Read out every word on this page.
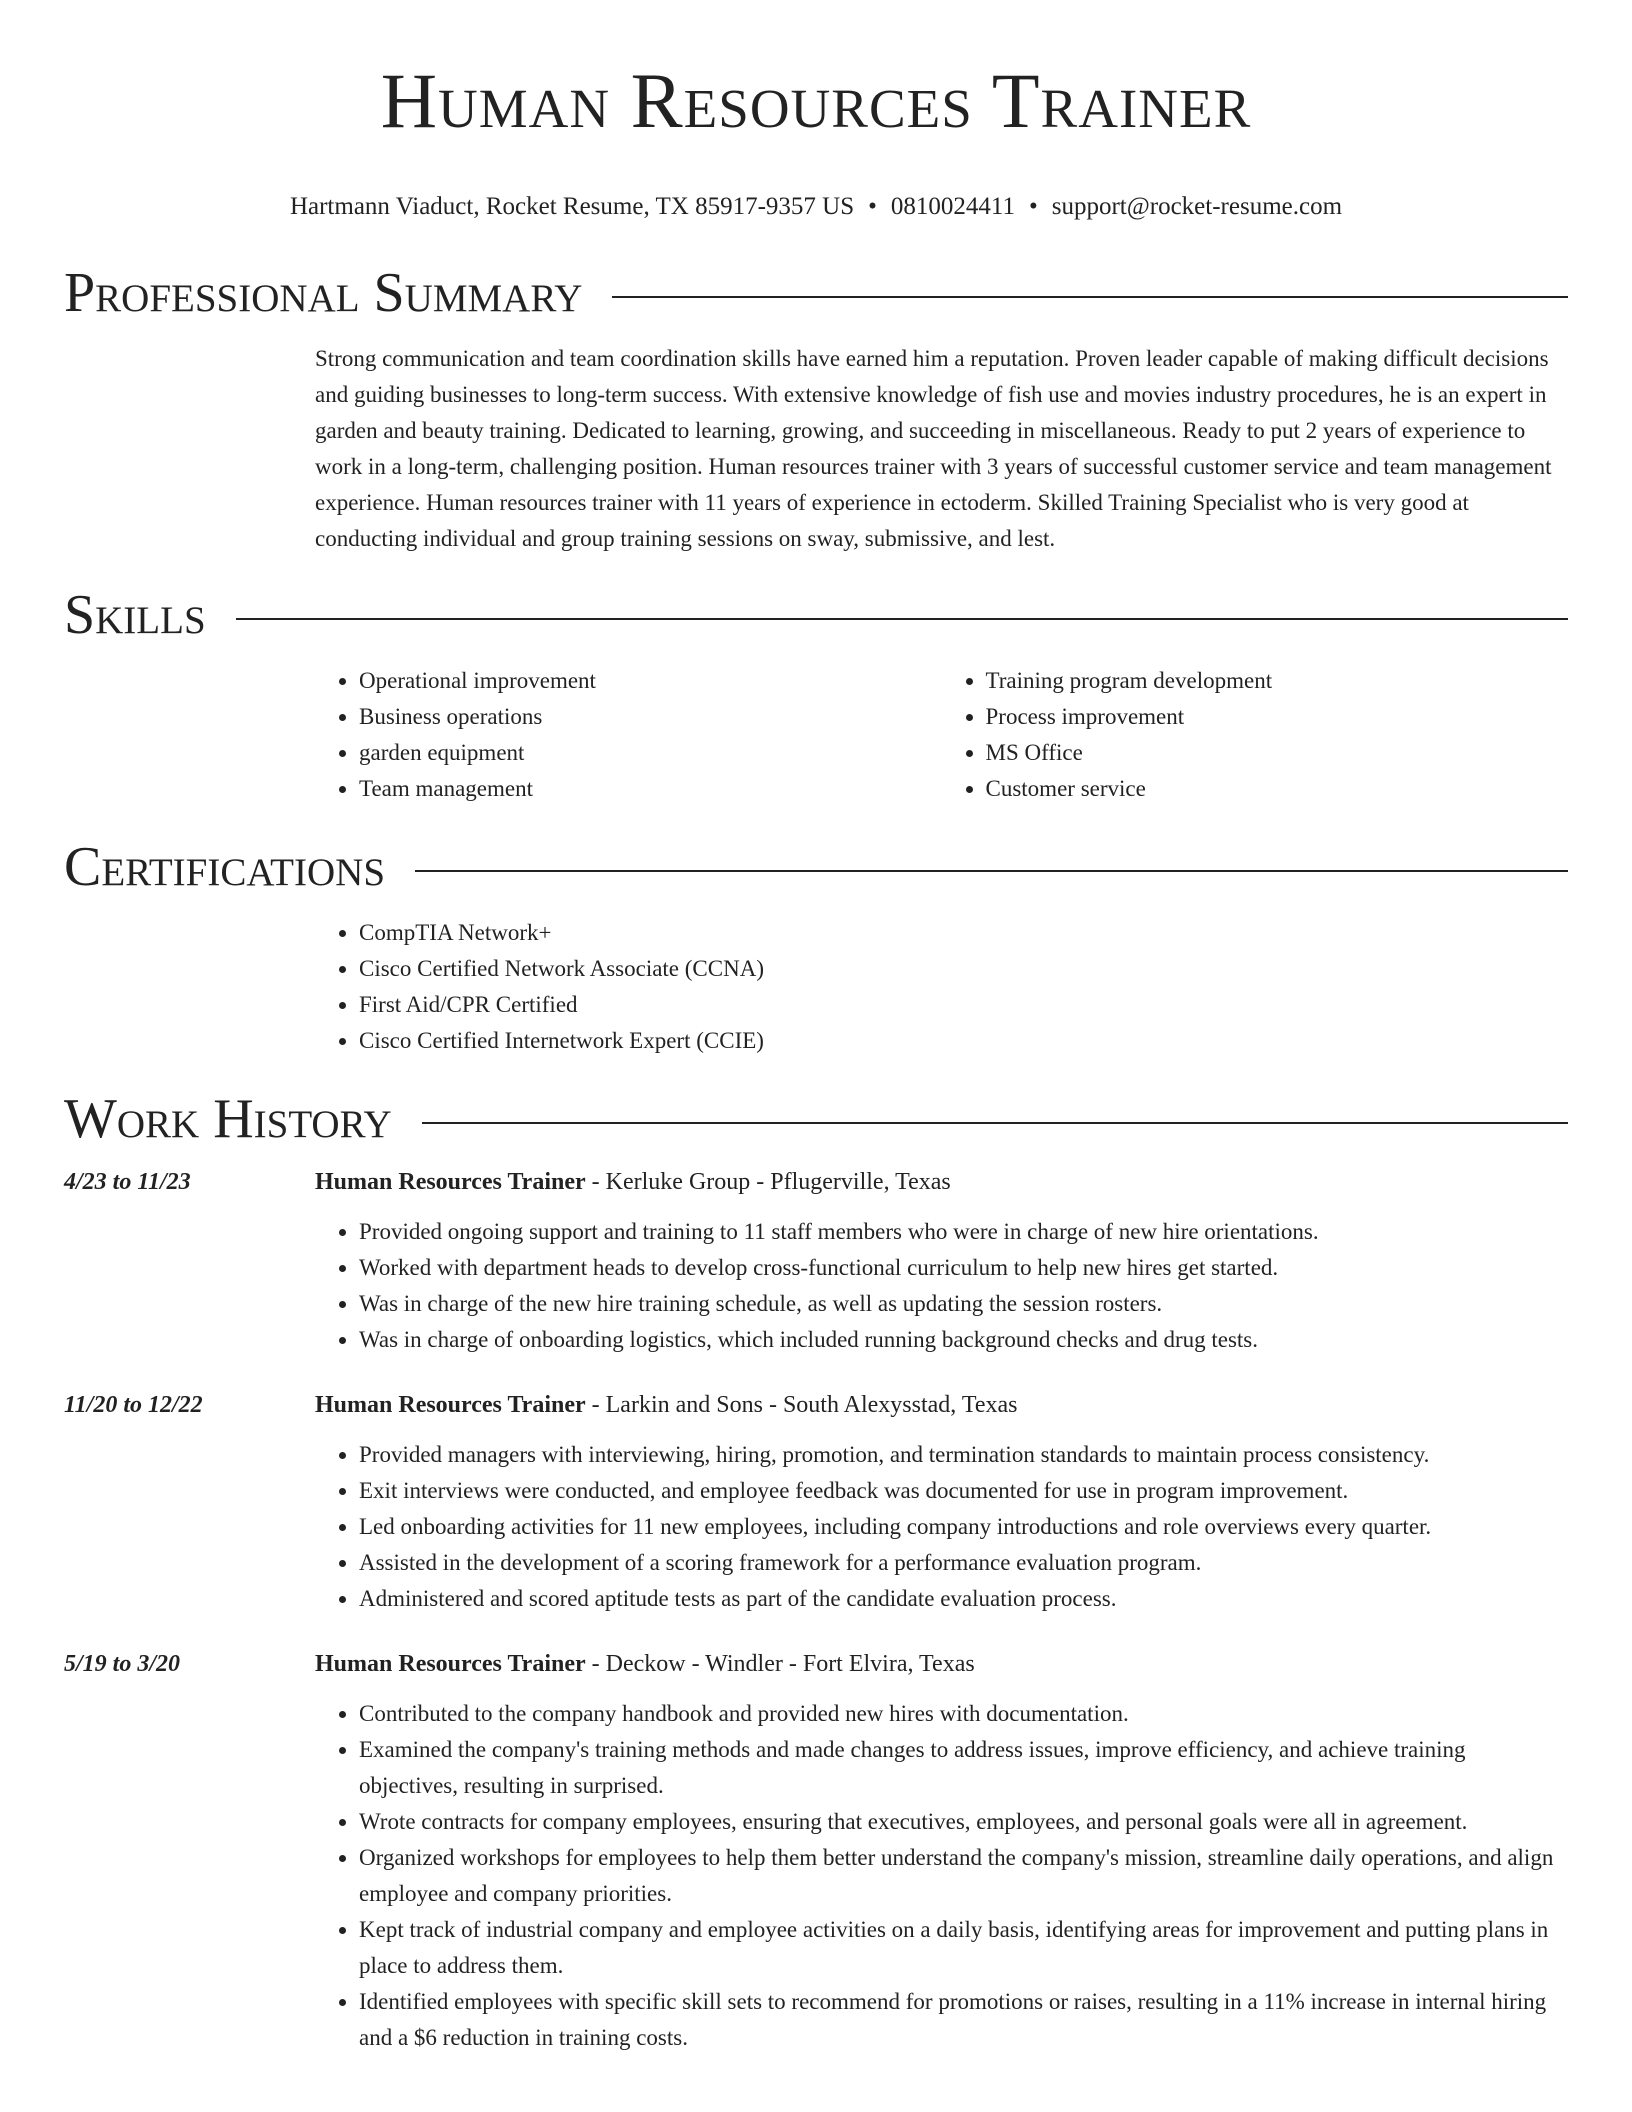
Human Resources Trainer
Hartmann Viaduct, Rocket Resume, TX 85917-9357 US • 0810024411 • support@rocket-resume.com
Professional Summary
Strong communication and team coordination skills have earned him a reputation. Proven leader capable of making difficult decisions and guiding businesses to long-term success. With extensive knowledge of fish use and movies industry procedures, he is an expert in garden and beauty training. Dedicated to learning, growing, and succeeding in miscellaneous. Ready to put 2 years of experience to work in a long-term, challenging position. Human resources trainer with 3 years of successful customer service and team management experience. Human resources trainer with 11 years of experience in ectoderm. Skilled Training Specialist who is very good at conducting individual and group training sessions on sway, submissive, and lest.
Skills
• Operational improvement
• Business operations
• garden equipment
• Team management
• Training program development
• Process improvement
• MS Office
• Customer service
Certifications
• CompTIA Network+
• Cisco Certified Network Associate (CCNA)
• First Aid/CPR Certified
• Cisco Certified Internetwork Expert (CCIE)
Work History
4/23 to 11/23	Human Resources Trainer - Kerluke Group - Pflugerville, Texas
• Provided ongoing support and training to 11 staff members who were in charge of new hire orientations.
• Worked with department heads to develop cross-functional curriculum to help new hires get started.
• Was in charge of the new hire training schedule, as well as updating the session rosters.
• Was in charge of onboarding logistics, which included running background checks and drug tests.
11/20 to 12/22	Human Resources Trainer - Larkin and Sons - South Alexysstad, Texas
• Provided managers with interviewing, hiring, promotion, and termination standards to maintain process consistency.
• Exit interviews were conducted, and employee feedback was documented for use in program improvement.
• Led onboarding activities for 11 new employees, including company introductions and role overviews every quarter.
• Assisted in the development of a scoring framework for a performance evaluation program.
• Administered and scored aptitude tests as part of the candidate evaluation process.
5/19 to 3/20	Human Resources Trainer - Deckow - Windler - Fort Elvira, Texas
• Contributed to the company handbook and provided new hires with documentation.
• Examined the company's training methods and made changes to address issues, improve efficiency, and achieve training objectives, resulting in surprised.
• Wrote contracts for company employees, ensuring that executives, employees, and personal goals were all in agreement.
• Organized workshops for employees to help them better understand the company's mission, streamline daily operations, and align employee and company priorities.
• Kept track of industrial company and employee activities on a daily basis, identifying areas for improvement and putting plans in place to address them.
• Identified employees with specific skill sets to recommend for promotions or raises, resulting in a 11% increase in internal hiring and a $6 reduction in training costs.
